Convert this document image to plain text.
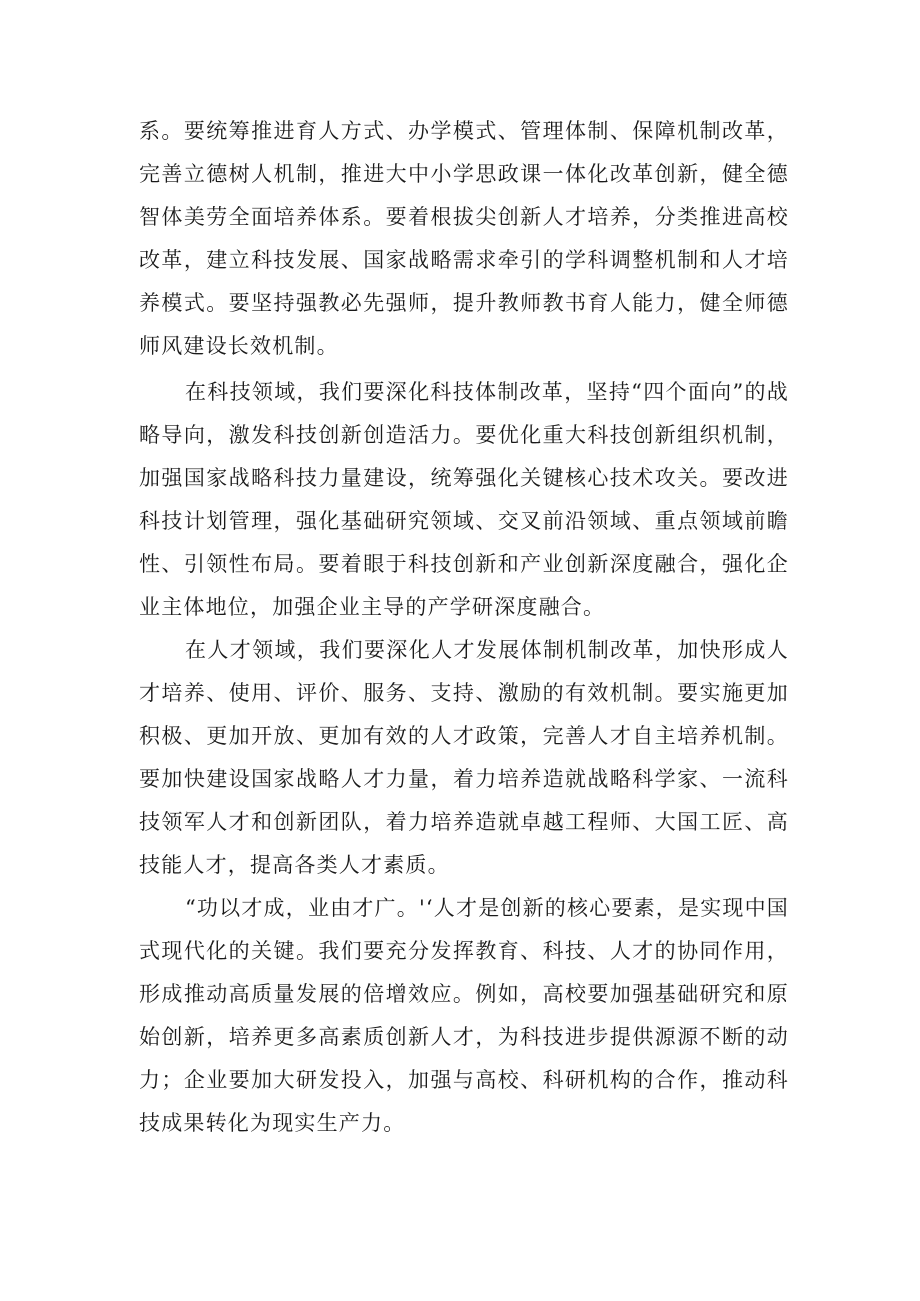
系。要统筹推进育人方式、办学模式、管理体制、保障机制改革，完善立德树人机制，推进大中小学思政课一体化改革创新，健全德智体美劳全面培养体系。要着根拔尖创新人才培养，分类推进高校改革，建立科技发展、国家战略需求牵引的学科调整机制和人才培养模式。要坚持强教必先强师，提升教师教书育人能力，健全师德师风建设长效机制。

在科技领域，我们要深化科技体制改革，坚持“四个面向”的战略导向，激发科技创新创造活力。要优化重大科技创新组织机制，加强国家战略科技力量建设，统筹强化关键核心技术攻关。要改进科技计划管理，强化基础研究领域、交叉前沿领域、重点领域前瞻性、引领性布局。要着眼于科技创新和产业创新深度融合，强化企业主体地位，加强企业主导的产学研深度融合。

在人才领域，我们要深化人才发展体制机制改革，加快形成人才培养、使用、评价、服务、支持、激励的有效机制。要实施更加积极、更加开放、更加有效的人才政策，完善人才自主培养机制。要加快建设国家战略人才力量，着力培养造就战略科学家、一流科技领军人才和创新团队，着力培养造就卓越工程师、大国工匠、高技能人才，提高各类人才素质。

“功以才成，业由才广。'‘人才是创新的核心要素，是实现中国式现代化的关键。我们要充分发挥教育、科技、人才的协同作用，形成推动高质量发展的倍增效应。例如，高校要加强基础研究和原始创新，培养更多高素质创新人才，为科技进步提供源源不断的动力；企业要加大研发投入，加强与高校、科研机构的合作，推动科技成果转化为现实生产力。
